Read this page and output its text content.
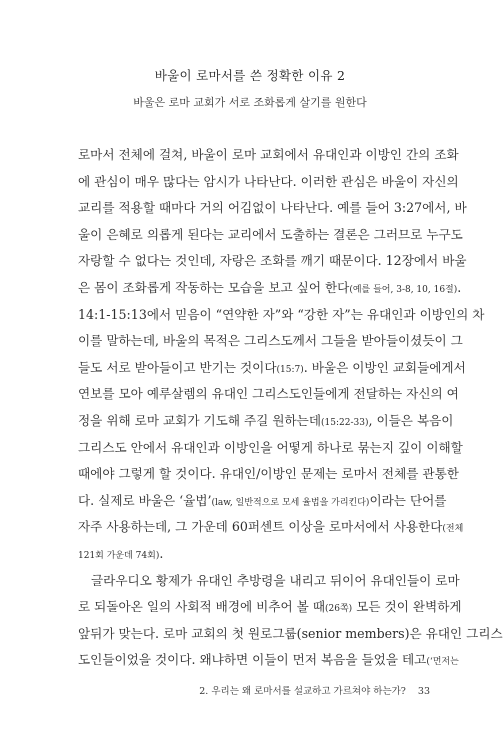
바울이 로마서를 쓴 정확한 이유 2
바울은 로마 교회가 서로 조화롭게 살기를 원한다
로마서 전체에 걸쳐, 바울이 로마 교회에서 유대인과 이방인 간의 조화
에 관심이 매우 많다는 암시가 나타난다. 이러한 관심은 바울이 자신의
교리를 적용할 때마다 거의 어김없이 나타난다. 예를 들어 3:27에서, 바
울이 은혜로 의롭게 된다는 교리에서 도출하는 결론은 그러므로 누구도
자랑할 수 없다는 것인데, 자랑은 조화를 깨기 때문이다. 12장에서 바울
은 몸이 조화롭게 작동하는 모습을 보고 싶어 한다(예를 들어, 3-8, 10, 16절).
14:1-15:13에서 믿음이 “연약한 자”와 “강한 자”는 유대인과 이방인의 차
이를 말하는데, 바울의 목적은 그리스도께서 그들을 받아들이셨듯이 그
들도 서로 받아들이고 반기는 것이다(15:7). 바울은 이방인 교회들에게서
연보를 모아 예루살렘의 유대인 그리스도인들에게 전달하는 자신의 여
정을 위해 로마 교회가 기도해 주길 원하는데(15:22-33), 이들은 복음이
그리스도 안에서 유대인과 이방인을 어떻게 하나로 묶는지 깊이 이해할
때에야 그렇게 할 것이다. 유대인/이방인 문제는 로마서 전체를 관통한
다. 실제로 바울은 ‘율법’(law, 일반적으로 모세 율법을 가리킨다)이라는 단어를
자주 사용하는데, 그 가운데 60퍼센트 이상을 로마서에서 사용한다(전체
121회 가운데 74회).
글라우디오 황제가 유대인 추방령을 내리고 뒤이어 유대인들이 로마
로 되돌아온 일의 사회적 배경에 비추어 볼 때(26쪽) 모든 것이 완벽하게
앞뒤가 맞는다. 로마 교회의 첫 원로그룹(senior members)은 유대인 그리스
도인들이었을 것이다. 왜냐하면 이들이 먼저 복음을 들었을 테고(‘먼저는
2. 우리는 왜 로마서를 설교하고 가르쳐야 하는가? 33
